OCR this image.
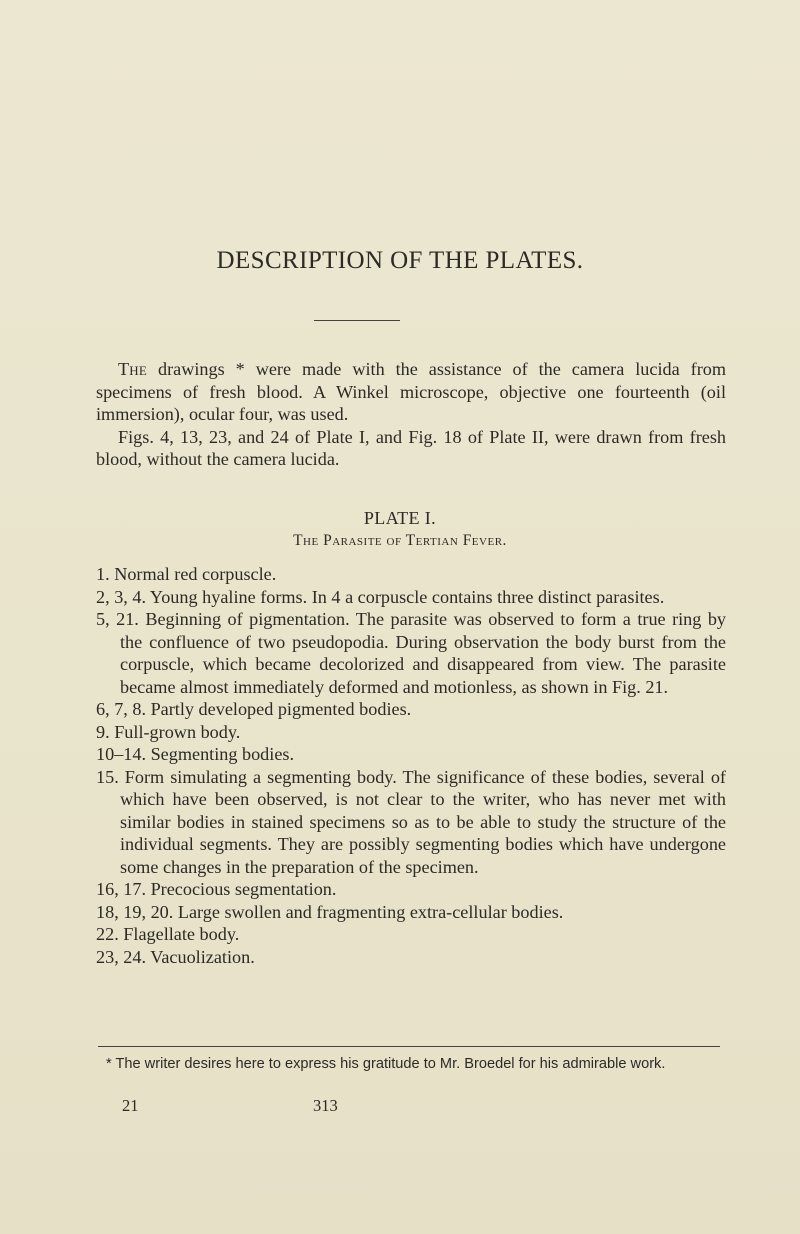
DESCRIPTION OF THE PLATES.

The drawings * were made with the assistance of the camera lucida from specimens of fresh blood. A Winkel microscope, objective one fourteenth (oil immersion), ocular four, was used.

Figs. 4, 13, 23, and 24 of Plate I, and Fig. 18 of Plate II, were drawn from fresh blood, without the camera lucida.

PLATE I.
The Parasite of Tertian Fever.
1. Normal red corpuscle.
2, 3, 4. Young hyaline forms. In 4 a corpuscle contains three distinct parasites.
5, 21. Beginning of pigmentation. The parasite was observed to form a true ring by the confluence of two pseudopodia. During observation the body burst from the corpuscle, which became decolorized and disappeared from view. The parasite became almost immediately deformed and motionless, as shown in Fig. 21.
6, 7, 8. Partly developed pigmented bodies.
9. Full-grown body.
10–14. Segmenting bodies.
15. Form simulating a segmenting body. The significance of these bodies, several of which have been observed, is not clear to the writer, who has never met with similar bodies in stained specimens so as to be able to study the structure of the individual segments. They are possibly segmenting bodies which have undergone some changes in the preparation of the specimen.
16, 17. Precocious segmentation.
18, 19, 20. Large swollen and fragmenting extra-cellular bodies.
22. Flagellate body.
23, 24. Vacuolization.

* The writer desires here to express his gratitude to Mr. Broedel for his admirable work.

21	313
